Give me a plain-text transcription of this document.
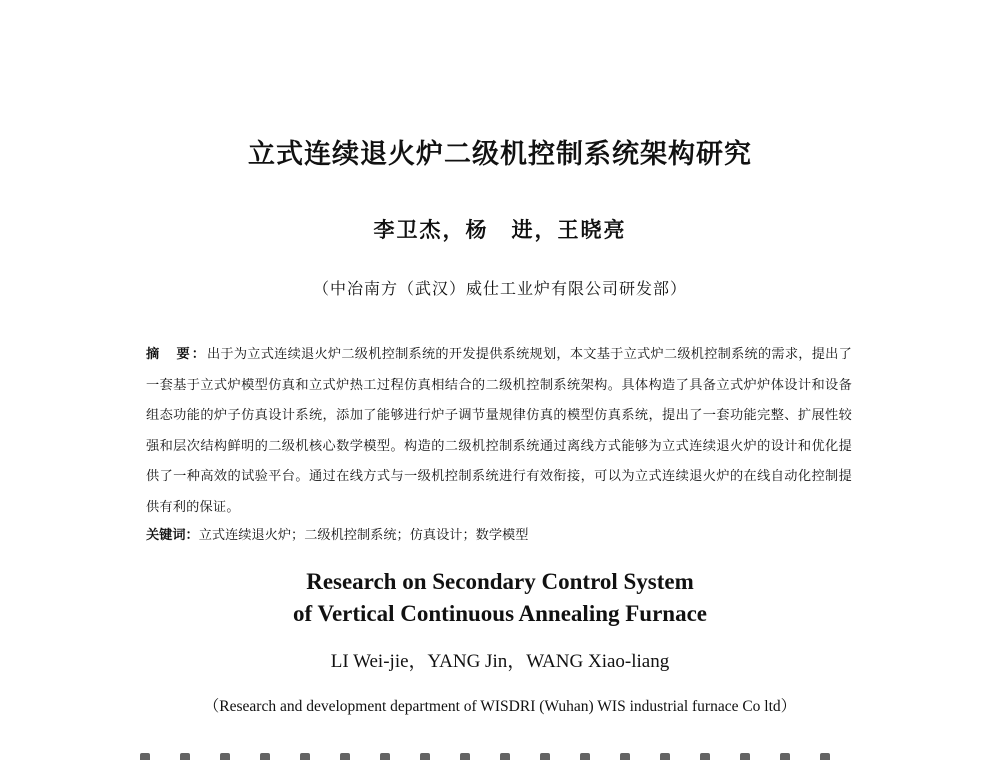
立式连续退火炉二级机控制系统架构研究
李卫杰，杨　进，王晓亮
（中冶南方（武汉）威仕工业炉有限公司研发部）
摘　要：出于为立式连续退火炉二级机控制系统的开发提供系统规划，本文基于立式炉二级机控制系统的需求，提出了一套基于立式炉模型仿真和立式炉热工过程仿真相结合的二级机控制系统架构。具体构造了具备立式炉炉体设计和设备组态功能的炉子仿真设计系统，添加了能够进行炉子调节量规律仿真的模型仿真系统，提出了一套功能完整、扩展性较强和层次结构鲜明的二级机核心数学模型。构造的二级机控制系统通过离线方式能够为立式连续退火炉的设计和优化提供了一种高效的试验平台。通过在线方式与一级机控制系统进行有效衔接，可以为立式连续退火炉的在线自动化控制提供有利的保证。
关键词：立式连续退火炉；二级机控制系统；仿真设计；数学模型
Research on Secondary Control System
of Vertical Continuous Annealing Furnace
LI Wei-jie，YANG Jin，WANG Xiao-liang
（Research and development department of WISDRI (Wuhan) WIS industrial furnace Co ltd）
